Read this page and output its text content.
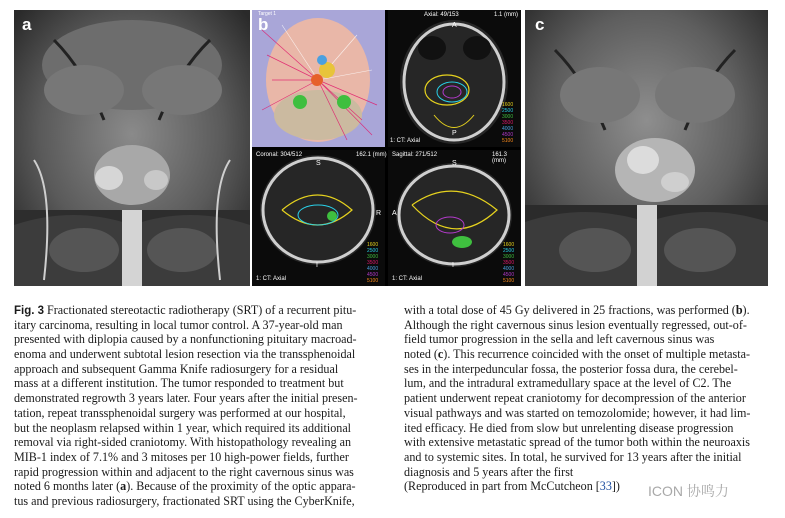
a
Target 1
b	Axial: 49/153	1.1 (mm)
1: CT: Axial
A
P
Coronal: 304/512	162.1 (mm)
S
I
R
1: CT: Axial
Sagittal: 271/512	161.3 (mm)
S
I
A
1: CT: Axial
1600
2500
3000
3500
4000
4500
5100
1600
2500
3000
3500
4000
4500
5100
1600
2500
3000
3500
4000
4500
5100
c
Fig. 3 Fractionated stereotactic radiotherapy (SRT) of a recurrent pitu-
itary carcinoma, resulting in local tumor control. A 37-year-old man
presented with diplopia caused by a nonfunctioning pituitary macroad-
enoma and underwent subtotal lesion resection via the transsphenoidal
approach and subsequent Gamma Knife radiosurgery for a residual
mass at a different institution. The tumor responded to treatment but
demonstrated regrowth 3 years later. Four years after the initial presen-
tation, repeat transsphenoidal surgery was performed at our hospital,
but the neoplasm relapsed within 1 year, which required its additional
removal via right-sided craniotomy. With histopathology revealing an
MIB-1 index of 7.1% and 3 mitoses per 10 high-power fields, further
rapid progression within and adjacent to the right cavernous sinus was
noted 6 months later (a). Because of the proximity of the optic appara-
tus and previous radiosurgery, fractionated SRT using the CyberKnife,
with a total dose of 45 Gy delivered in 25 fractions, was performed (b).
Although the right cavernous sinus lesion eventually regressed, out-of-
field tumor progression in the sella and left cavernous sinus was
noted (c). This recurrence coincided with the onset of multiple metasta-
ses in the interpeduncular fossa, the posterior fossa dura, the cerebel-
lum, and the intradural extramedullary space at the level of C2. The
patient underwent repeat craniotomy for decompression of the anterior
visual pathways and was started on temozolomide; however, it had lim-
ited efficacy. He died from slow but unrelenting disease progression
with extensive metastatic spread of the tumor both within the neuroaxis
and to systemic sites. In total, he survived for 13 years after the initial
diagnosis and 5 years after the first
(Reproduced in part from McCutcheon [33])	ICON 协鸣力
